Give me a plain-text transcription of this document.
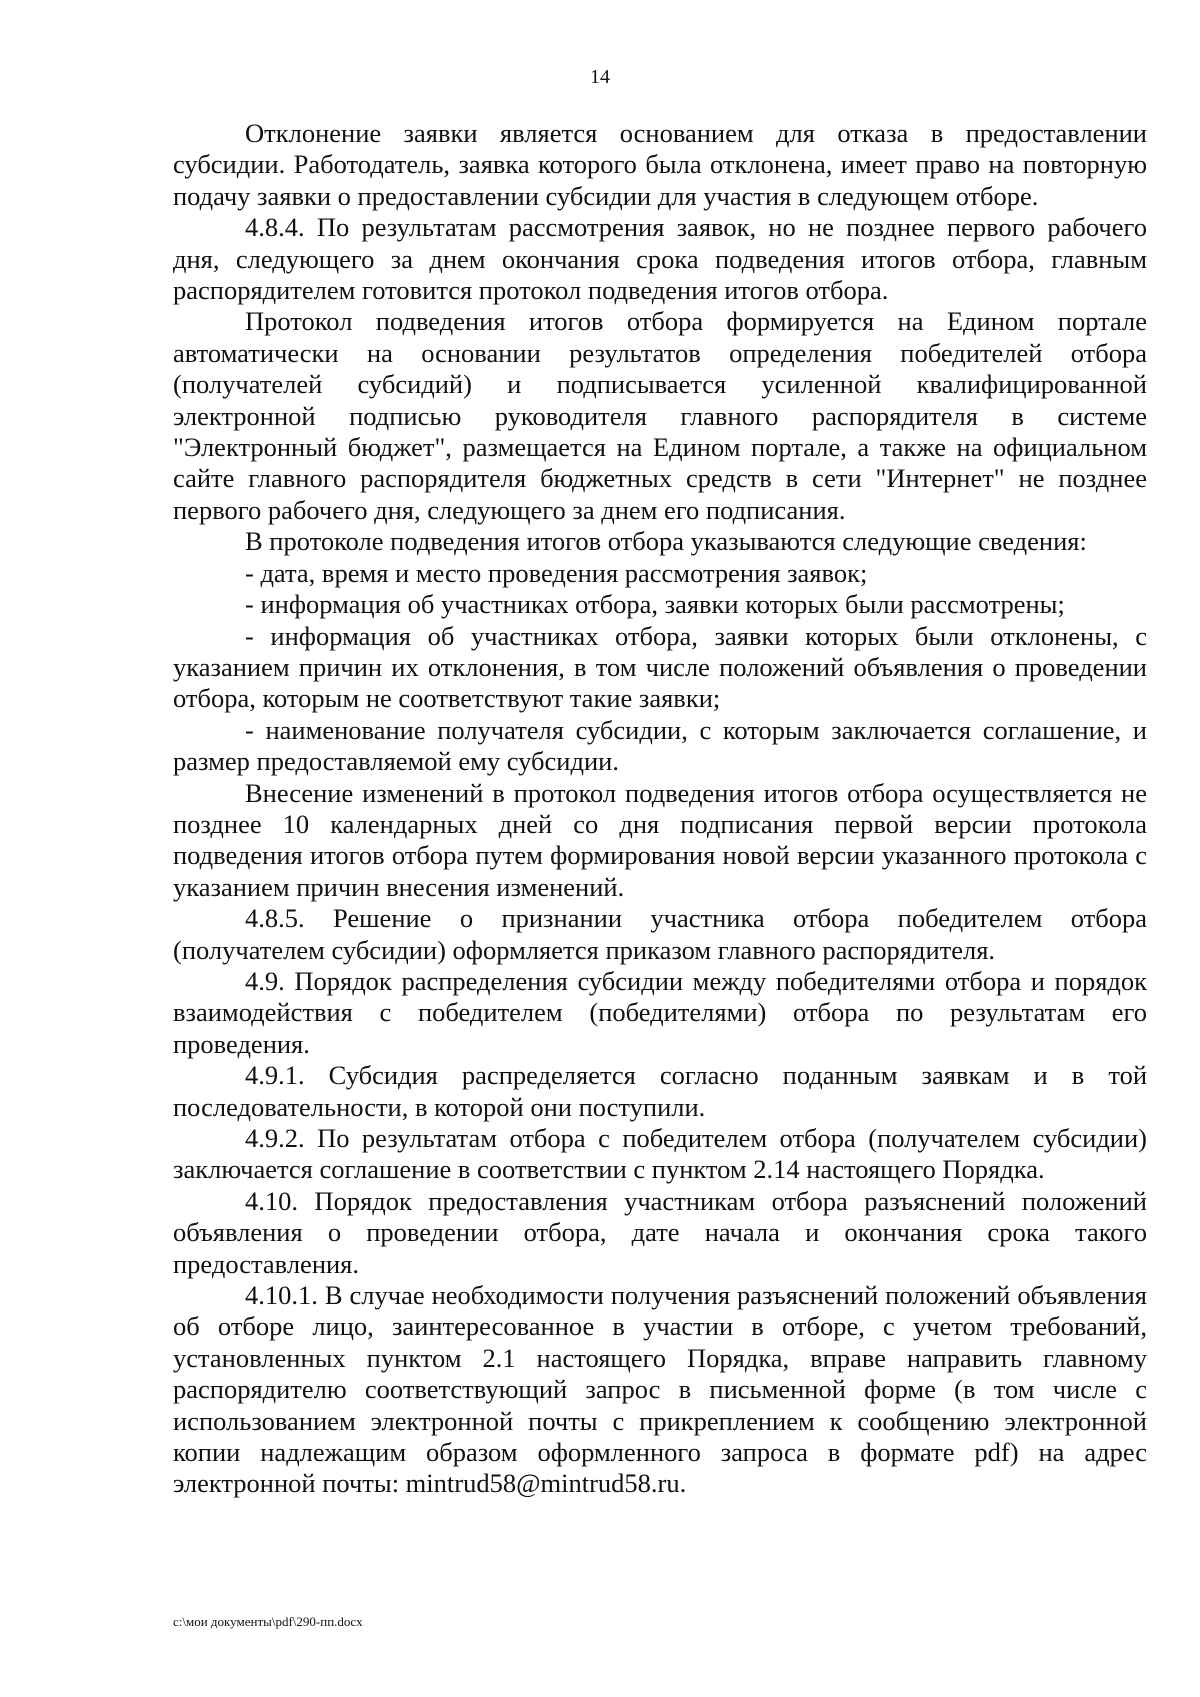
14

Отклонение заявки является основанием для отказа в предоставлении субсидии. Работодатель, заявка которого была отклонена, имеет право на повторную подачу заявки о предоставлении субсидии для участия в следующем отборе.

4.8.4. По результатам рассмотрения заявок, но не позднее первого рабочего дня, следующего за днем окончания срока подведения итогов отбора, главным распорядителем готовится протокол подведения итогов отбора.

Протокол подведения итогов отбора формируется на Едином портале автоматически на основании результатов определения победителей отбора (получателей субсидий) и подписывается усиленной квалифицированной электронной подписью руководителя главного распорядителя в системе "Электронный бюджет", размещается на Едином портале, а также на официальном сайте главного распорядителя бюджетных средств в сети "Интернет" не позднее первого рабочего дня, следующего за днем его подписания.

В протоколе подведения итогов отбора указываются следующие сведения:

- дата, время и место проведения рассмотрения заявок;

- информация об участниках отбора, заявки которых были рассмотрены;

- информация об участниках отбора, заявки которых были отклонены, с указанием причин их отклонения, в том числе положений объявления о проведении отбора, которым не соответствуют такие заявки;

- наименование получателя субсидии, с которым заключается соглашение, и размер предоставляемой ему субсидии.

Внесение изменений в протокол подведения итогов отбора осуществляется не позднее 10 календарных дней со дня подписания первой версии протокола подведения итогов отбора путем формирования новой версии указанного протокола с указанием причин внесения изменений.

4.8.5. Решение о признании участника отбора победителем отбора (получателем субсидии) оформляется приказом главного распорядителя.

4.9. Порядок распределения субсидии между победителями отбора и порядок взаимодействия с победителем (победителями) отбора по результатам его проведения.

4.9.1. Субсидия распределяется согласно поданным заявкам и в той последовательности, в которой они поступили.

4.9.2. По результатам отбора с победителем отбора (получателем субсидии) заключается соглашение в соответствии с пунктом 2.14 настоящего Порядка.

4.10. Порядок предоставления участникам отбора разъяснений положений объявления о проведении отбора, дате начала и окончания срока такого предоставления.

4.10.1. В случае необходимости получения разъяснений положений объявления об отборе лицо, заинтересованное в участии в отборе, с учетом требований, установленных пунктом 2.1 настоящего Порядка, вправе направить главному распорядителю соответствующий запрос в письменной форме (в том числе с использованием электронной почты с прикреплением к сообщению электронной копии надлежащим образом оформленного запроса в формате pdf) на адрес электронной почты: mintrud58@mintrud58.ru.

c:\мои документы\pdf\290-пп.docx
